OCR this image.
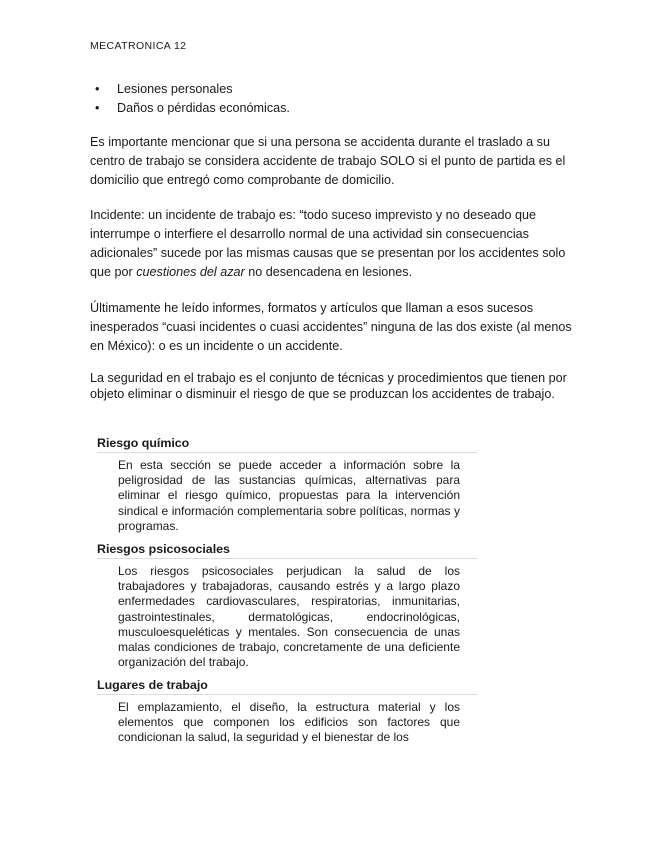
MECATRONICA 12
• Lesiones personales
• Daños o pérdidas económicas.

Es importante mencionar que si una persona se accidenta durante el traslado a su centro de trabajo se considera accidente de trabajo SOLO si el punto de partida es el domicilio que entregó como comprobante de domicilio.

Incidente: un incidente de trabajo es: “todo suceso imprevisto y no deseado que interrumpe o interfiere el desarrollo normal de una actividad sin consecuencias adicionales” sucede por las mismas causas que se presentan por los accidentes solo que por cuestiones del azar no desencadena en lesiones.

Últimamente he leído informes, formatos y artículos que llaman a esos sucesos inesperados “cuasi incidentes o cuasi accidentes” ninguna de las dos existe (al menos en México): o es un incidente o un accidente.

La seguridad en el trabajo es el conjunto de técnicas y procedimientos que tienen por objeto eliminar o disminuir el riesgo de que se produzcan los accidentes de trabajo.

Riesgo químico

En esta sección se puede acceder a información sobre la peligrosidad de las sustancias químicas, alternativas para eliminar el riesgo químico, propuestas para la intervención sindical e información complementaria sobre políticas, normas y programas.

Riesgos psicosociales

Los riesgos psicosociales perjudican la salud de los trabajadores y trabajadoras, causando estrés y a largo plazo enfermedades cardiovasculares, respiratorias, inmunitarias, gastrointestinales, dermatológicas, endocrinológicas, musculoesqueléticas y mentales. Son consecuencia de unas malas condiciones de trabajo, concretamente de una deficiente organización del trabajo.

Lugares de trabajo

El emplazamiento, el diseño, la estructura material y los elementos que componen los edificios son factores que condicionan la salud, la seguridad y el bienestar de los
